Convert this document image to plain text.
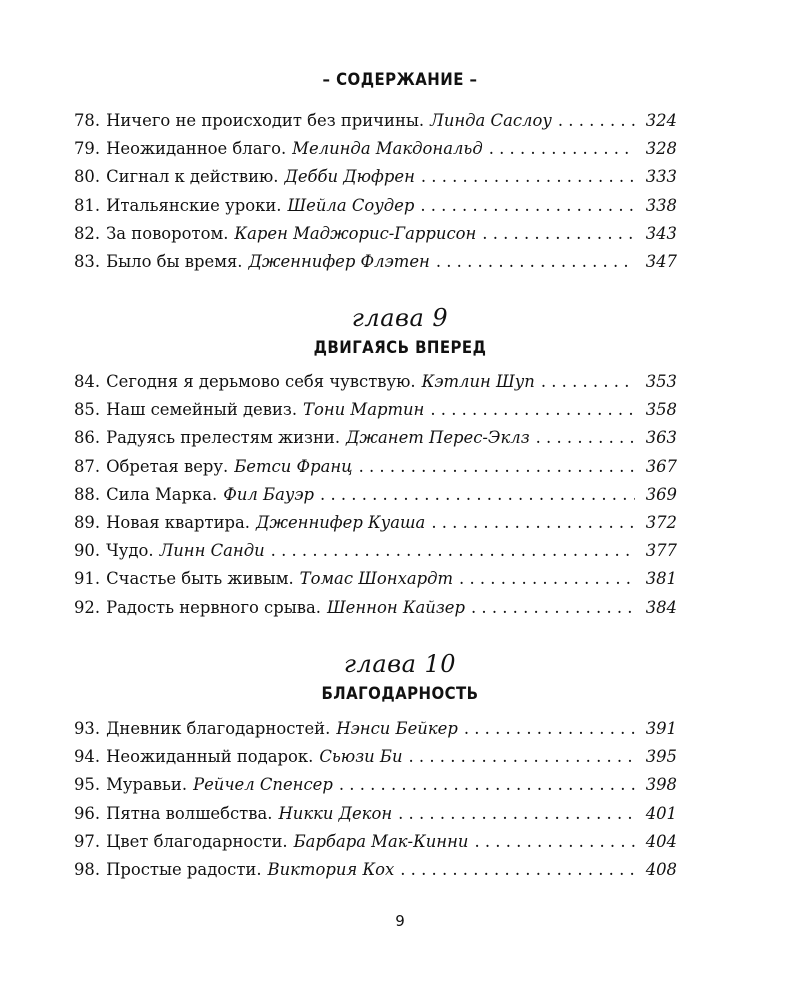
– СОДЕРЖАНИЕ –
78. Ничего не происходит без причины. Линда Саслоу . . .	324
79. Неожиданное благо. Мелинда Макдональд . . .	328
80. Сигнал к действию. Дебби Дюфрен . . .	333
81. Итальянские уроки. Шейла Соудер . . .	338
82. За поворотом. Карен Маджорис-Гаррисон . . .	343
83. Было бы время. Дженнифер Флэтен . . .	347
глава 9
ДВИГАЯСЬ ВПЕРЕД
84. Сегодня я дерьмово себя чувствую. Кэтлин Шуп . . .	353
85. Наш семейный девиз. Тони Мартин . . .	358
86. Радуясь прелестям жизни. Джанет Перес-Эклз . . .	363
87. Обретая веру. Бетси Франц . . .	367
88. Сила Марка. Фил Бауэр . . .	369
89. Новая квартира. Дженнифер Куаша . . .	372
90. Чудо. Линн Санди . . .	377
91. Счастье быть живым. Томас Шонхардт . . .	381
92. Радость нервного срыва. Шеннон Кайзер . . .	384
глава 10
БЛАГОДАРНОСТЬ
93. Дневник благодарностей. Нэнси Бейкер . . .	391
94. Неожиданный подарок. Сьюзи Би . . .	395
95. Муравьи. Рейчел Спенсер . . .	398
96. Пятна волшебства. Никки Декон . . .	401
97. Цвет благодарности. Барбара Мак-Кинни . . .	404
98. Простые радости. Виктория Кох . . .	408
9
